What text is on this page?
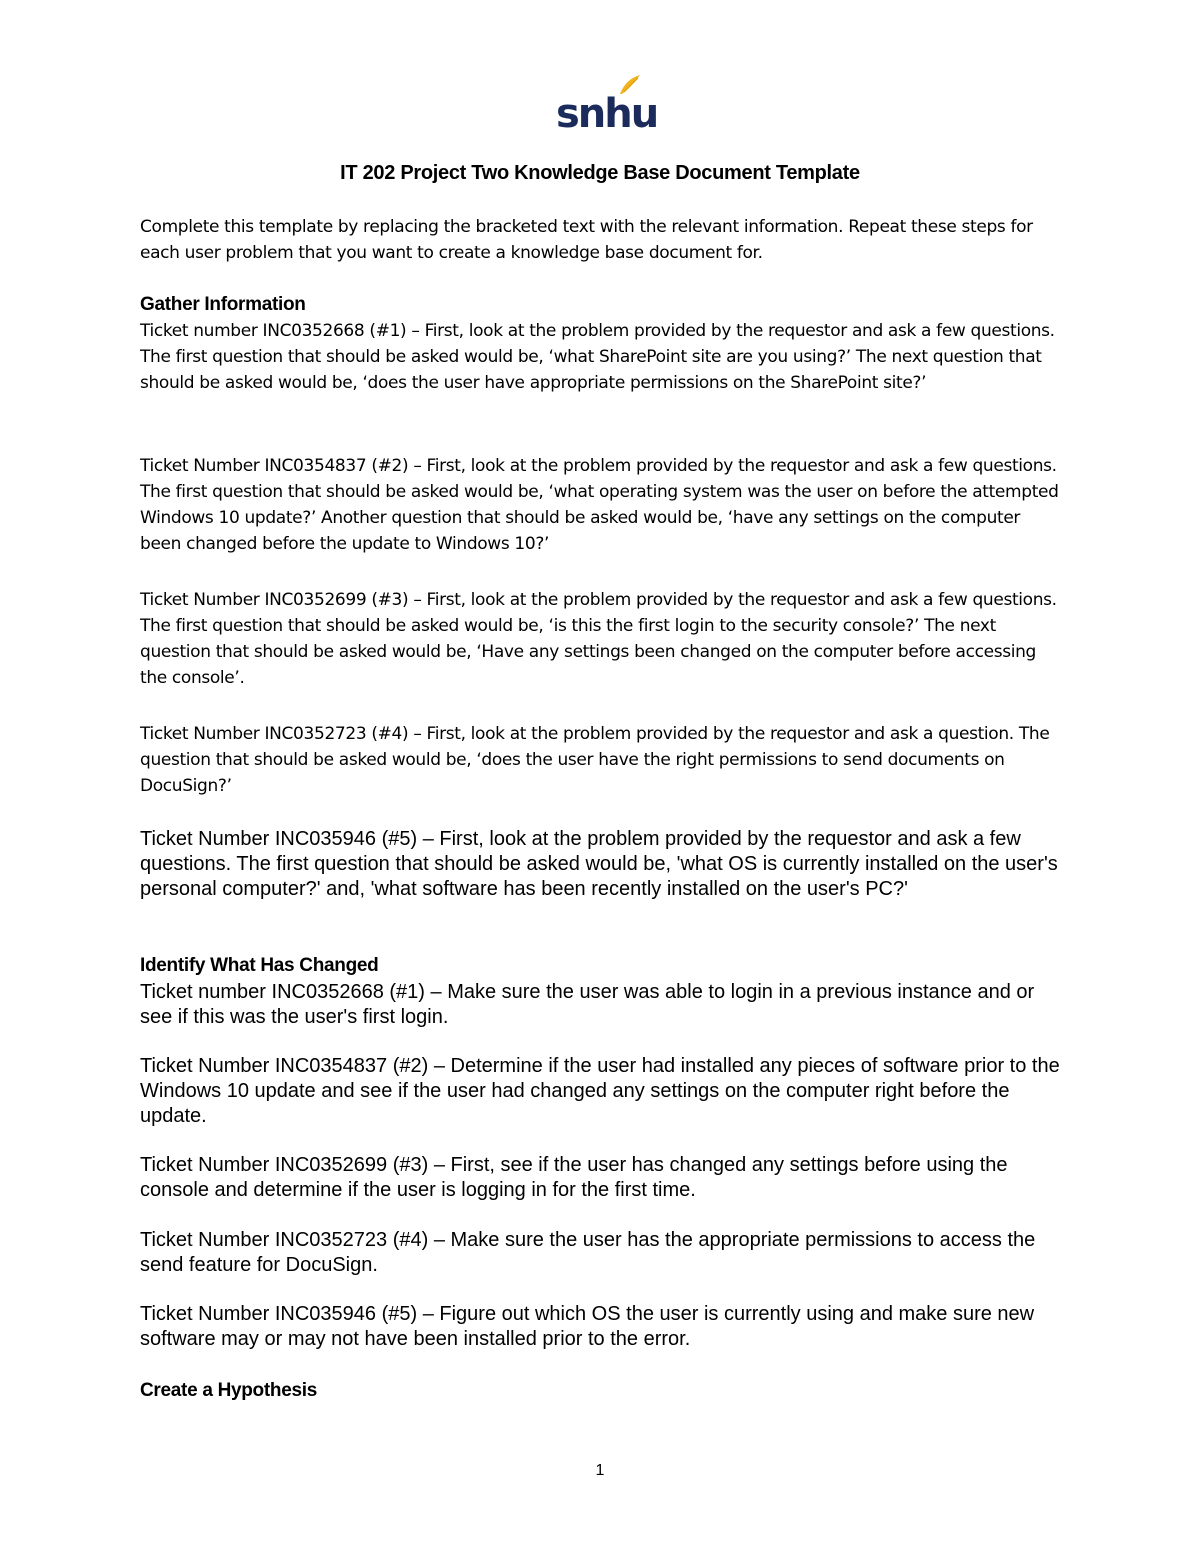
snhu
IT 202 Project Two Knowledge Base Document Template
Complete this template by replacing the bracketed text with the relevant information. Repeat these steps for each user problem that you want to create a knowledge base document for.
Gather Information
Ticket number INC0352668 (#1) – First, look at the problem provided by the requestor and ask a few questions. The first question that should be asked would be, ‘what SharePoint site are you using?’ The next question that should be asked would be, ‘does the user have appropriate permissions on the SharePoint site?’
Ticket Number INC0354837 (#2) – First, look at the problem provided by the requestor and ask a few questions. The first question that should be asked would be, ‘what operating system was the user on before the attempted Windows 10 update?’ Another question that should be asked would be, ‘have any settings on the computer been changed before the update to Windows 10?’
Ticket Number INC0352699 (#3) – First, look at the problem provided by the requestor and ask a few questions. The first question that should be asked would be, ‘is this the first login to the security console?’ The next question that should be asked would be, ‘Have any settings been changed on the computer before accessing the console’.
Ticket Number INC0352723 (#4) – First, look at the problem provided by the requestor and ask a question. The question that should be asked would be, ‘does the user have the right permissions to send documents on DocuSign?’
Ticket Number INC035946 (#5) – First, look at the problem provided by the requestor and ask a few questions. The first question that should be asked would be, 'what OS is currently installed on the user's personal computer?' and, 'what software has been recently installed on the user's PC?'
Identify What Has Changed
Ticket number INC0352668 (#1) – Make sure the user was able to login in a previous instance and or see if this was the user's first login.
Ticket Number INC0354837 (#2) – Determine if the user had installed any pieces of software prior to the Windows 10 update and see if the user had changed any settings on the computer right before the update.
Ticket Number INC0352699 (#3) – First, see if the user has changed any settings before using the console and determine if the user is logging in for the first time.
Ticket Number INC0352723 (#4) – Make sure the user has the appropriate permissions to access the send feature for DocuSign.
Ticket Number INC035946 (#5) – Figure out which OS the user is currently using and make sure new software may or may not have been installed prior to the error.
Create a Hypothesis
1
